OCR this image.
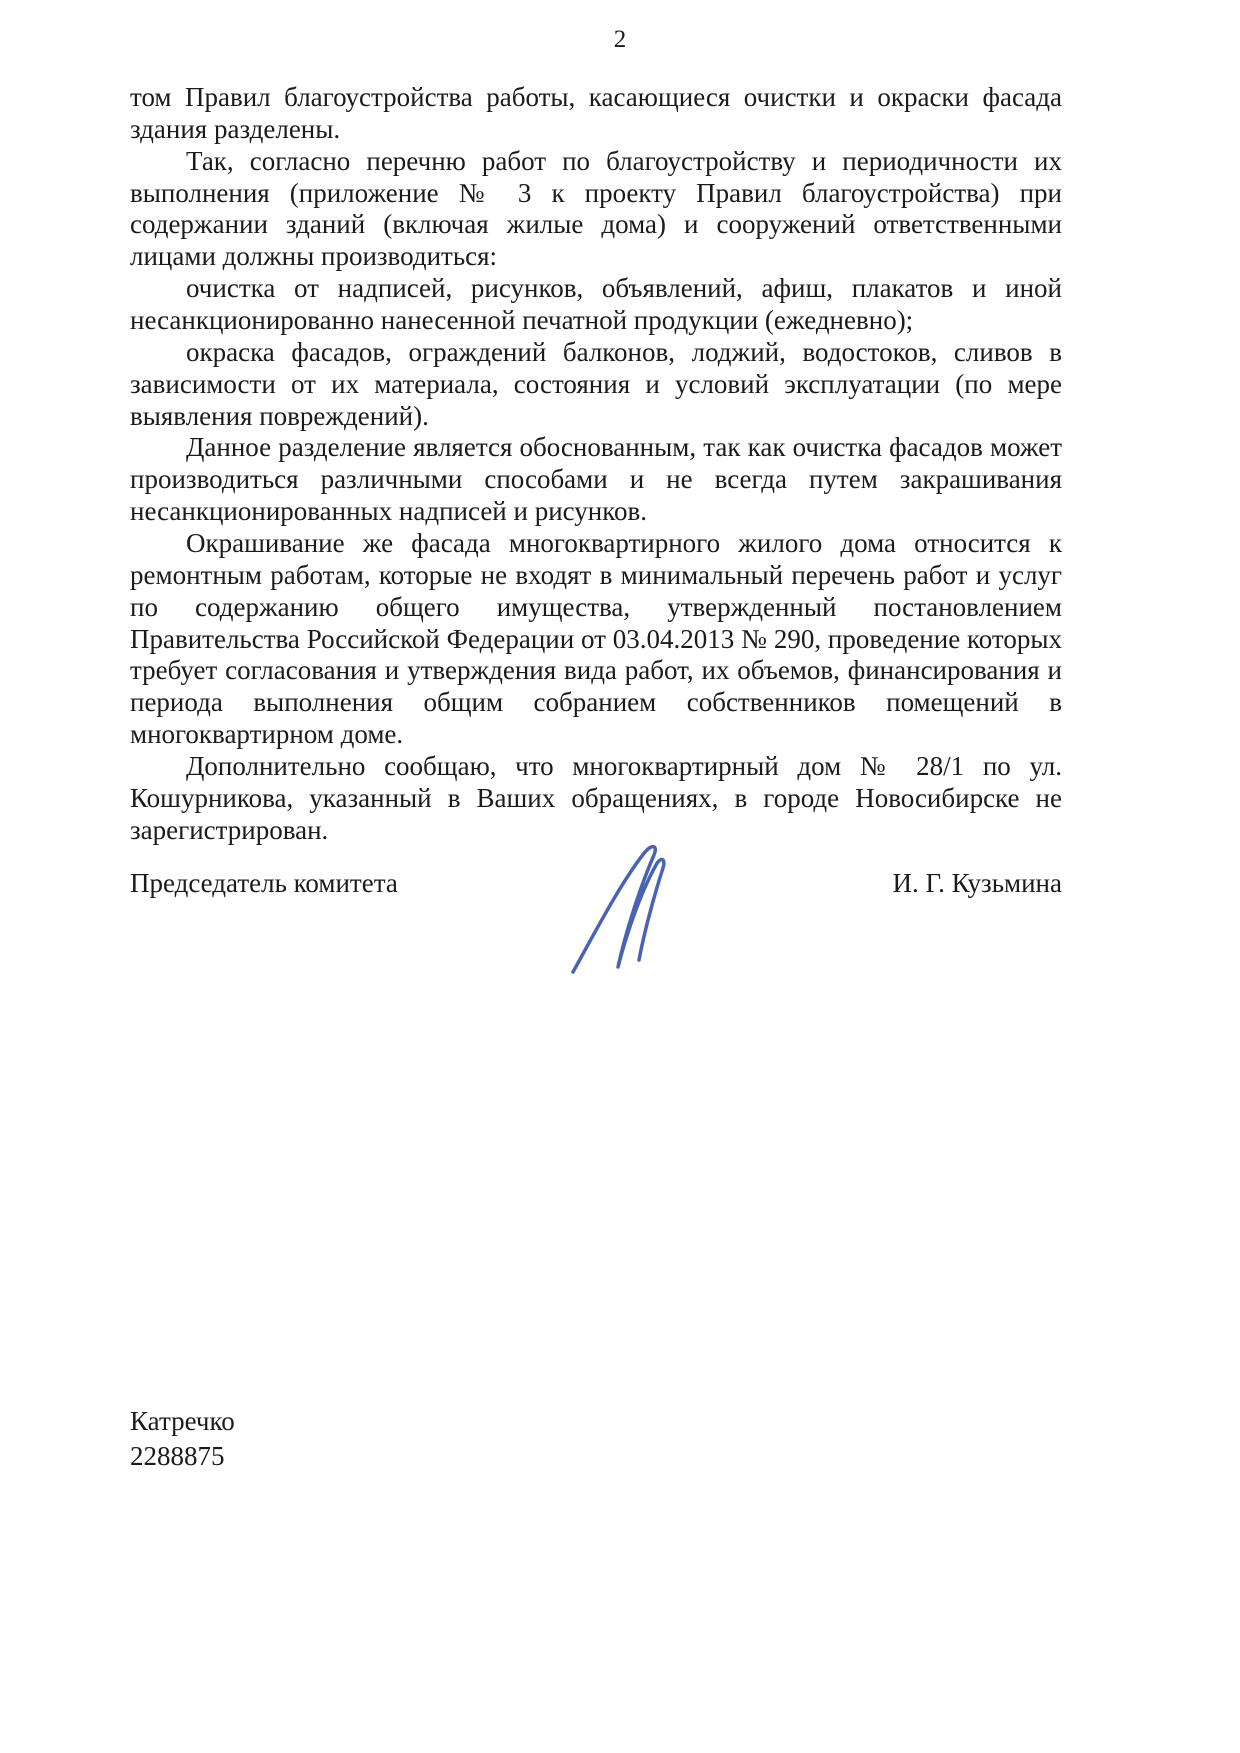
2

том Правил благоустройства работы, касающиеся очистки и окраски фасада здания разделены.

Так, согласно перечню работ по благоустройству и периодичности их выполнения (приложение № 3 к проекту Правил благоустройства) при содержании зданий (включая жилые дома) и сооружений ответственными лицами должны производиться:

очистка от надписей, рисунков, объявлений, афиш, плакатов и иной несанкционированно нанесенной печатной продукции (ежедневно);

окраска фасадов, ограждений балконов, лоджий, водостоков, сливов в зависимости от их материала, состояния и условий эксплуатации (по мере выявления повреждений).

Данное разделение является обоснованным, так как очистка фасадов может производиться различными способами и не всегда путем закрашивания несанкционированных надписей и рисунков.

Окрашивание же фасада многоквартирного жилого дома относится к ремонтным работам, которые не входят в минимальный перечень работ и услуг по содержанию общего имущества, утвержденный постановлением Правительства Российской Федерации от 03.04.2013 № 290, проведение которых требует согласования и утверждения вида работ, их объемов, финансирования и периода выполнения общим собранием собственников помещений в многоквартирном доме.

Дополнительно сообщаю, что многоквартирный дом № 28/1 по ул. Кошурникова, указанный в Ваших обращениях, в городе Новосибирске не зарегистрирован.

Председатель комитета	И. Г. Кузьмина
Катречко
2288875
